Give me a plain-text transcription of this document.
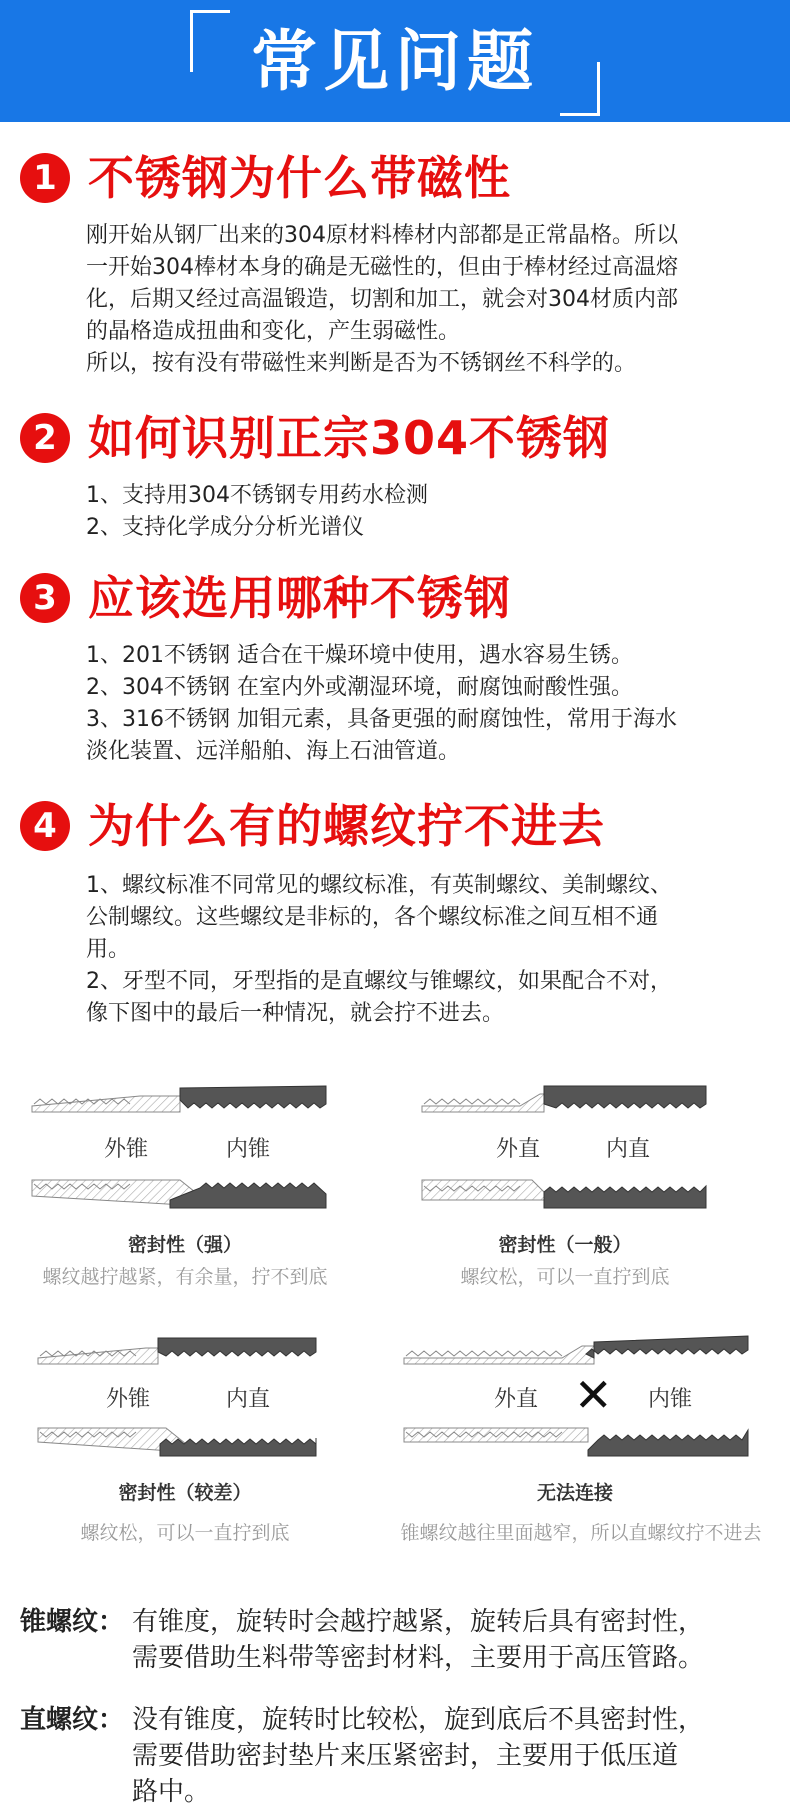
常见问题
1 不锈钢为什么带磁性

刚开始从钢厂出来的304原材料棒材内部都是正常晶格。所以

一开始304棒材本身的确是无磁性的，但由于棒材经过高温熔

化，后期又经过高温锻造，切割和加工，就会对304材质内部

的晶格造成扭曲和变化，产生弱磁性。

所以，按有没有带磁性来判断是否为不锈钢丝不科学的。

2 如何识别正宗304不锈钢

1、支持用304不锈钢专用药水检测

2、支持化学成分分析光谱仪

3 应该选用哪种不锈钢

1、201不锈钢 适合在干燥环境中使用，遇水容易生锈。

2、304不锈钢 在室内外或潮湿环境，耐腐蚀耐酸性强。

3、316不锈钢 加钼元素，具备更强的耐腐蚀性，常用于海水

淡化装置、远洋船舶、海上石油管道。

4 为什么有的螺纹拧不进去

1、螺纹标准不同常见的螺纹标准，有英制螺纹、美制螺纹、

公制螺纹。这些螺纹是非标的，各个螺纹标准之间互相不通

用。

2、牙型不同，牙型指的是直螺纹与锥螺纹，如果配合不对，

像下图中的最后一种情况，就会拧不进去。

外锥	内锥
密封性（强）
螺纹越拧越紧，有余量，拧不到底
外直	内直
密封性（一般）
螺纹松，可以一直拧到底
外锥	内直
密封性（较差）
螺纹松，可以一直拧到底
外直 ✕ 内锥
无法连接
锥螺纹越往里面越窄，所以直螺纹拧不进去
锥螺纹： 有锥度，旋转时会越拧越紧，旋转后具有密封性，

需要借助生料带等密封材料，主要用于高压管路。

直螺纹： 没有锥度，旋转时比较松，旋到底后不具密封性，

需要借助密封垫片来压紧密封，主要用于低压道

路中。
